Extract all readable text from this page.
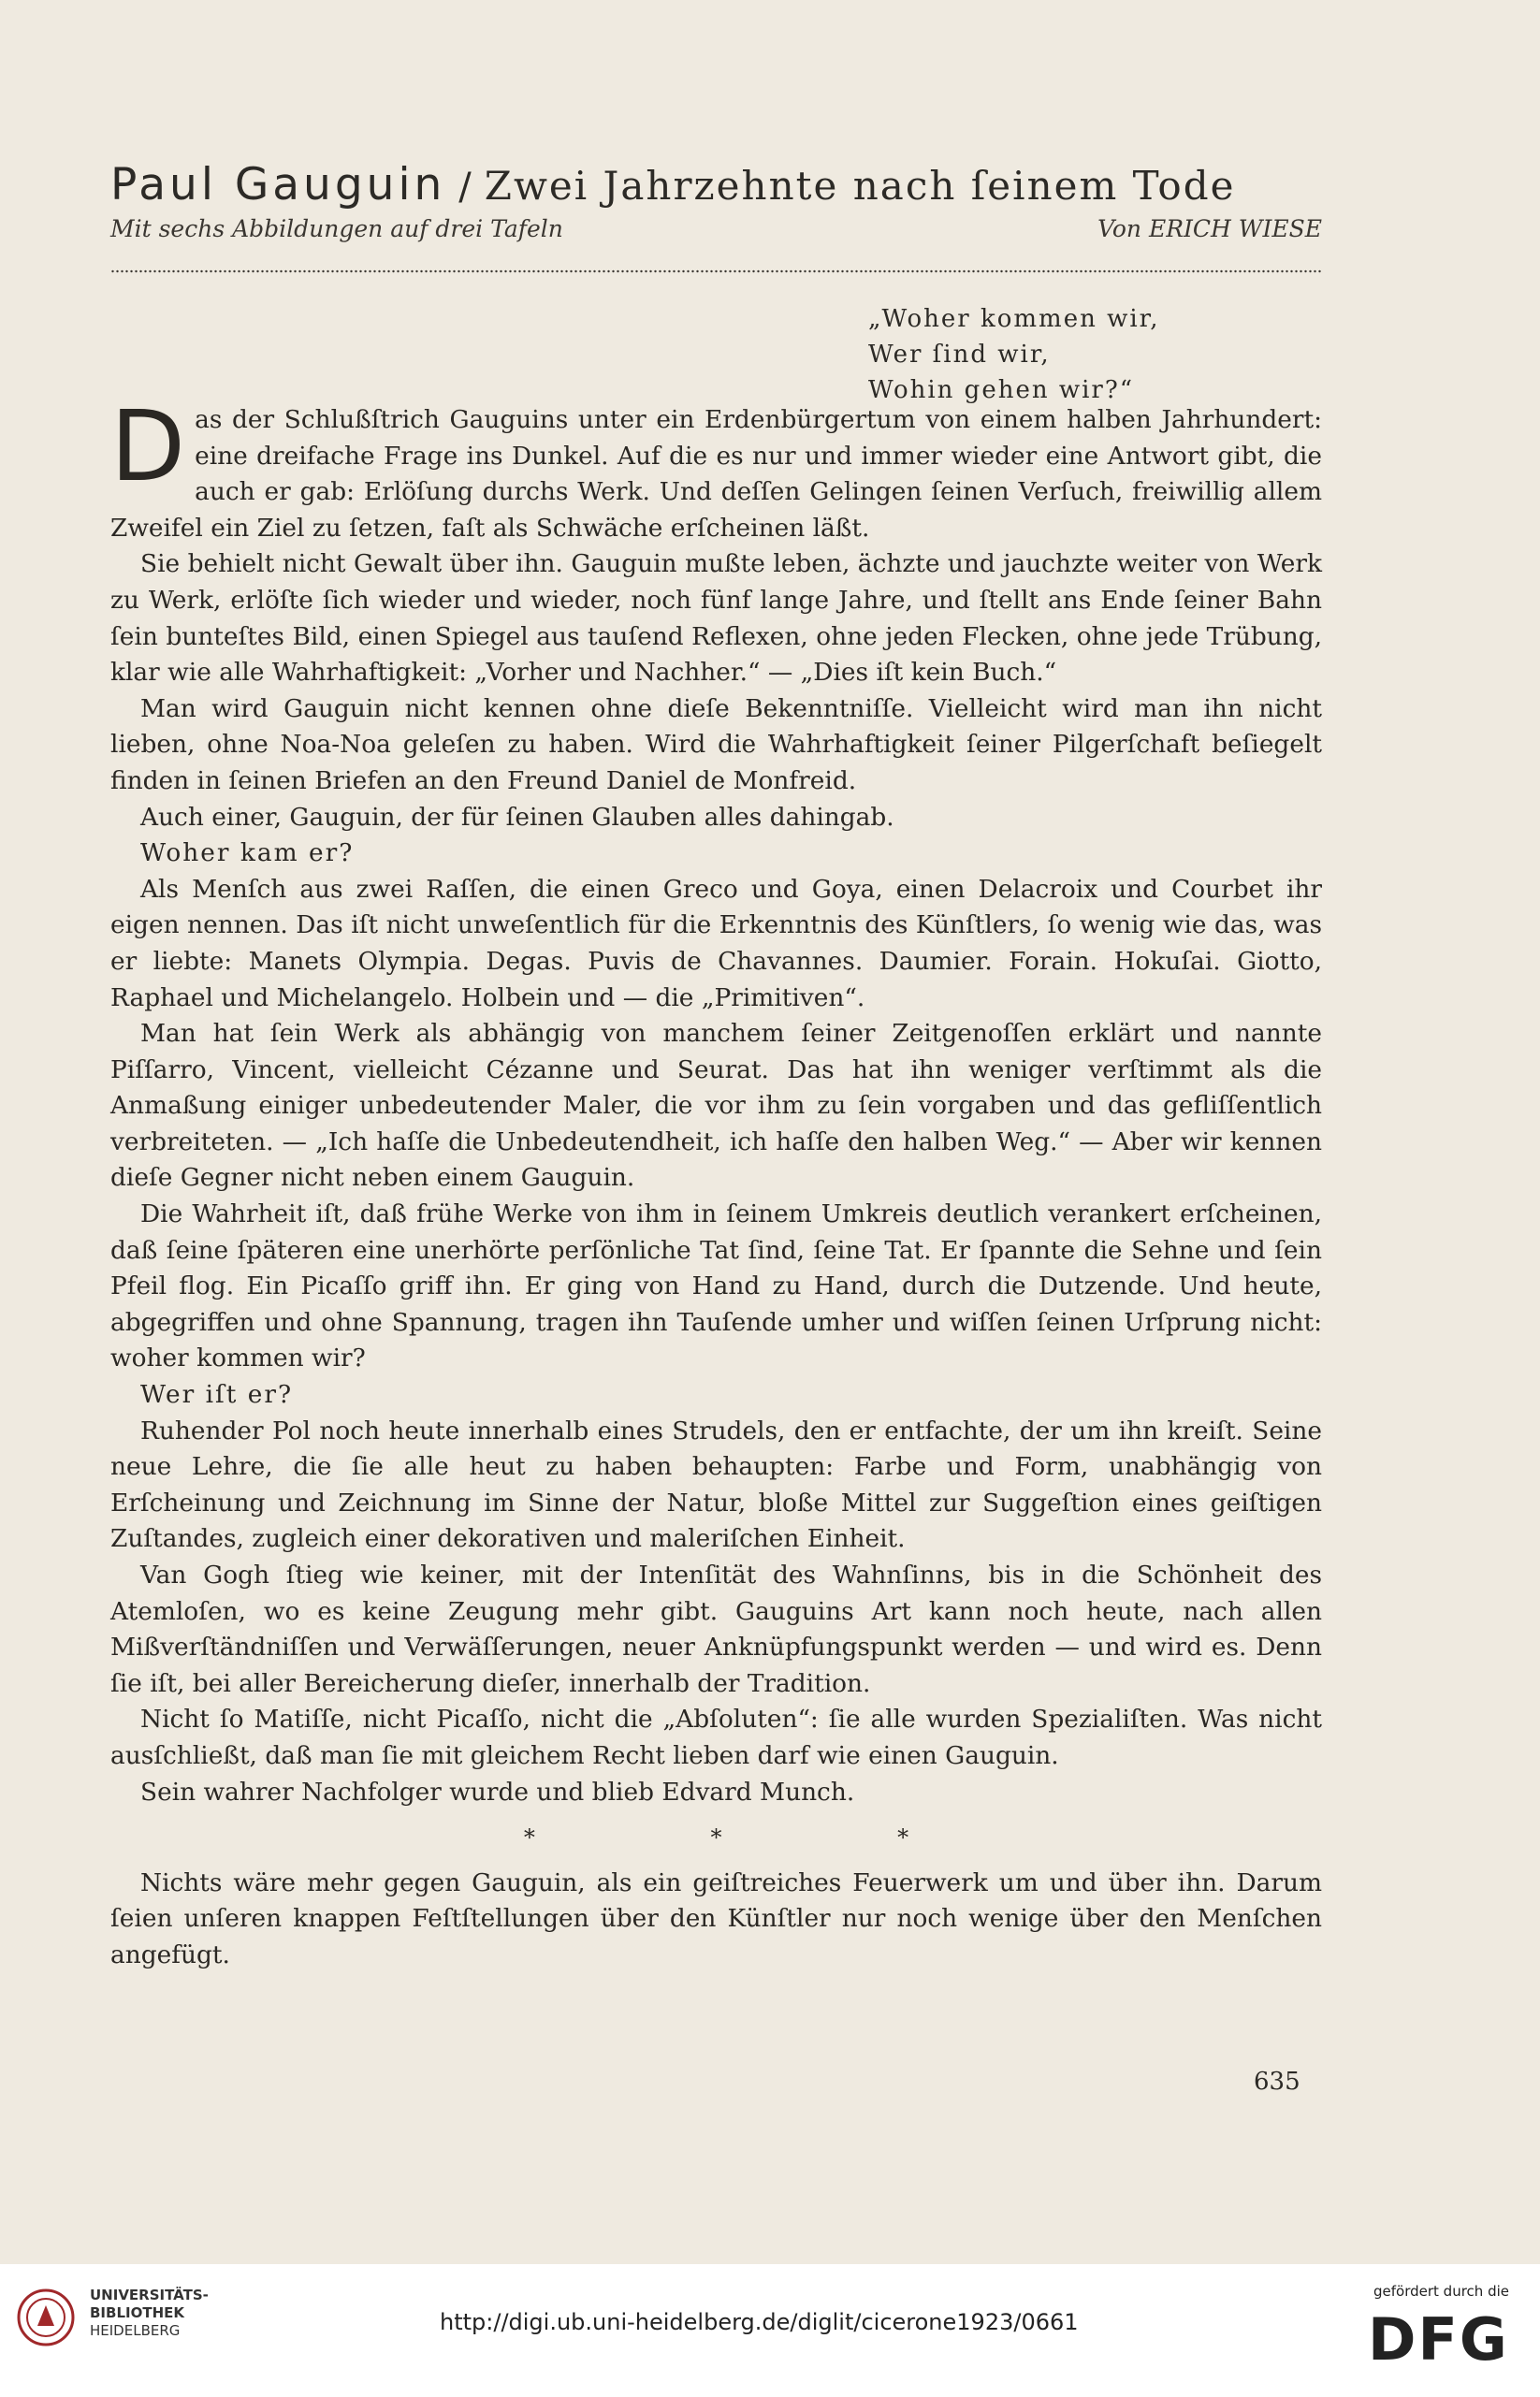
Paul Gauguin / Zwei Jahrzehnte nach ſeinem Tode
Mit sechs Abbildungen auf drei Tafeln	Von ERICH WIESE
„Woher kommen wir,
Wer ſind wir,
Wohin gehen wir?“

Das der Schlußſtrich Gauguins unter ein Erdenbürgertum von einem halben Jahrhundert: eine dreifache Frage ins Dunkel. Auf die es nur und immer wieder eine Antwort gibt, die auch er gab: Erlöſung durchs Werk. Und deſſen Gelingen ſeinen Verſuch, freiwillig allem Zweifel ein Ziel zu ſetzen, faſt als Schwäche erſcheinen läßt.

Sie behielt nicht Gewalt über ihn. Gauguin mußte leben, ächzte und jauchzte weiter von Werk zu Werk, erlöſte ſich wieder und wieder, noch fünf lange Jahre, und ſtellt ans Ende ſeiner Bahn ſein bunteſtes Bild, einen Spiegel aus tauſend Reflexen, ohne jeden Flecken, ohne jede Trübung, klar wie alle Wahrhaftigkeit: „Vorher und Nachher.“ — „Dies iſt kein Buch.“

Man wird Gauguin nicht kennen ohne dieſe Bekenntniſſe. Vielleicht wird man ihn nicht lieben, ohne Noa-Noa geleſen zu haben. Wird die Wahrhaftigkeit ſeiner Pilgerſchaft beſiegelt finden in ſeinen Briefen an den Freund Daniel de Monfreid.

Auch einer, Gauguin, der für ſeinen Glauben alles dahingab.

Woher kam er?

Als Menſch aus zwei Raſſen, die einen Greco und Goya, einen Delacroix und Courbet ihr eigen nennen. Das iſt nicht unweſentlich für die Erkenntnis des Künſtlers, ſo wenig wie das, was er liebte: Manets Olympia. Degas. Puvis de Chavannes. Daumier. Forain. Hokuſai. Giotto, Raphael und Michelangelo. Holbein und — die „Primitiven“.

Man hat ſein Werk als abhängig von manchem ſeiner Zeitgenoſſen erklärt und nannte Piſſarro, Vincent, vielleicht Cézanne und Seurat. Das hat ihn weniger verſtimmt als die Anmaßung einiger unbedeutender Maler, die vor ihm zu ſein vorgaben und das gefliſſentlich verbreiteten. — „Ich haſſe die Unbedeutendheit, ich haſſe den halben Weg.“ — Aber wir kennen dieſe Gegner nicht neben einem Gauguin.

Die Wahrheit iſt, daß frühe Werke von ihm in ſeinem Umkreis deutlich verankert erſcheinen, daß ſeine ſpäteren eine unerhörte perſönliche Tat ſind, ſeine Tat. Er ſpannte die Sehne und ſein Pfeil flog. Ein Picaſſo griff ihn. Er ging von Hand zu Hand, durch die Dutzende. Und heute, abgegriffen und ohne Spannung, tragen ihn Tauſende umher und wiſſen ſeinen Urſprung nicht: woher kommen wir?

Wer iſt er?

Ruhender Pol noch heute innerhalb eines Strudels, den er entfachte, der um ihn kreiſt. Seine neue Lehre, die ſie alle heut zu haben behaupten: Farbe und Form, unabhängig von Erſcheinung und Zeichnung im Sinne der Natur, bloße Mittel zur Suggeſtion eines geiſtigen Zuſtandes, zugleich einer dekorativen und maleriſchen Einheit.

Van Gogh ſtieg wie keiner, mit der Intenſität des Wahnſinns, bis in die Schönheit des Atemloſen, wo es keine Zeugung mehr gibt. Gauguins Art kann noch heute, nach allen Mißverſtändniſſen und Verwäſſerungen, neuer Anknüpfungspunkt werden — und wird es. Denn ſie iſt, bei aller Bereicherung dieſer, innerhalb der Tradition.

Nicht ſo Matiſſe, nicht Picaſſo, nicht die „Abſoluten“: ſie alle wurden Spezialiſten. Was nicht ausſchließt, daß man ſie mit gleichem Recht lieben darf wie einen Gauguin.

Sein wahrer Nachfolger wurde und blieb Edvard Munch.

* * *

Nichts wäre mehr gegen Gauguin, als ein geiſtreiches Feuerwerk um und über ihn. Darum ſeien unſeren knappen Feſtſtellungen über den Künſtler nur noch wenige über den Menſchen angefügt.

635
UNIVERSITÄTS-
BIBLIOTHEK
HEIDELBERG	http://digi.ub.uni-heidelberg.de/diglit/cicerone1923/0661
gefördert durch die
DFG
